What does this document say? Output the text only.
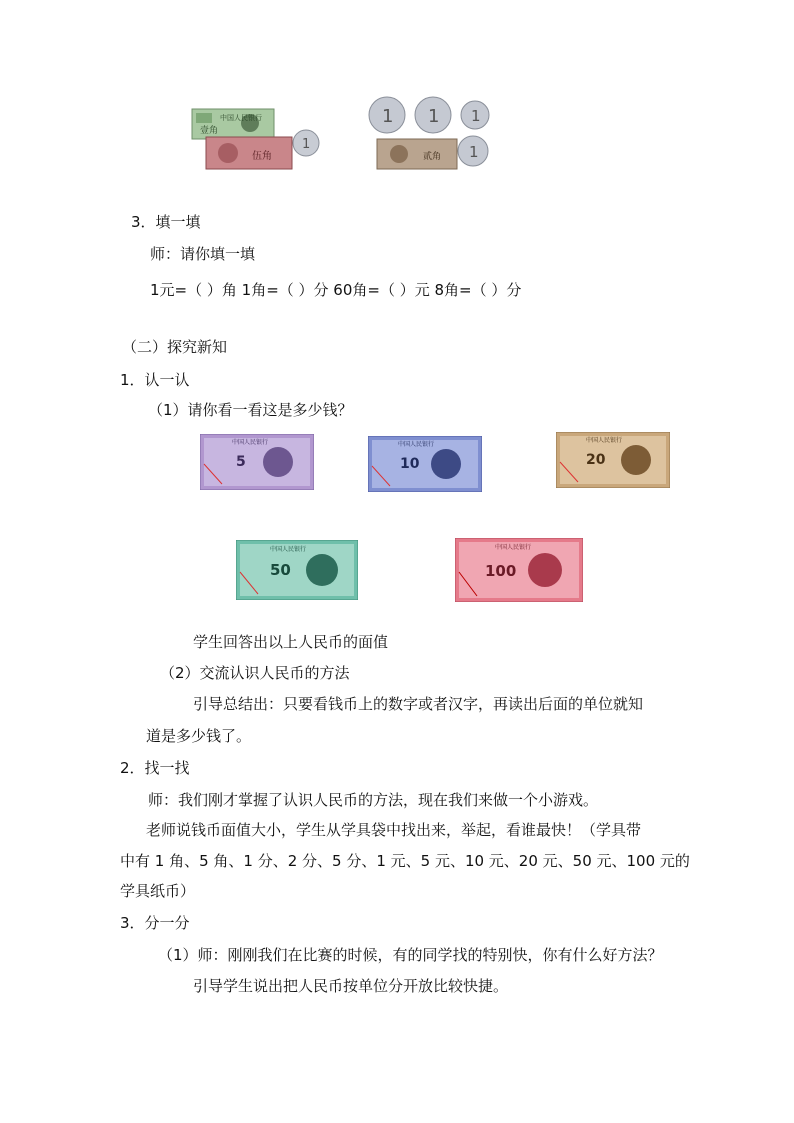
中国人民银行
壹角
伍角
1
1 1 1
1
贰角
3．填一填
师：请你填一填
1元=（ ）角 1角=（ ）分 60角=（ ）元 8角=（ ）分
（二）探究新知
1．认一认
（1）请你看一看这是多少钱？
中国人民银行
5
中国人民银行
10
中国人民银行
20
中国人民银行
50
中国人民银行
100
学生回答出以上人民币的面值
（2）交流认识人民币的方法
引导总结出：只要看钱币上的数字或者汉字，再读出后面的单位就知
道是多少钱了。
2．找一找
师：我们刚才掌握了认识人民币的方法，现在我们来做一个小游戏。
老师说钱币面值大小，学生从学具袋中找出来，举起，看谁最快！（学具带
中有 1 角、5 角、1 分、2 分、5 分、1 元、5 元、10 元、20 元、50 元、100 元的
学具纸币）
3．分一分
（1）师：刚刚我们在比赛的时候，有的同学找的特别快，你有什么好方法？
引导学生说出把人民币按单位分开放比较快捷。
